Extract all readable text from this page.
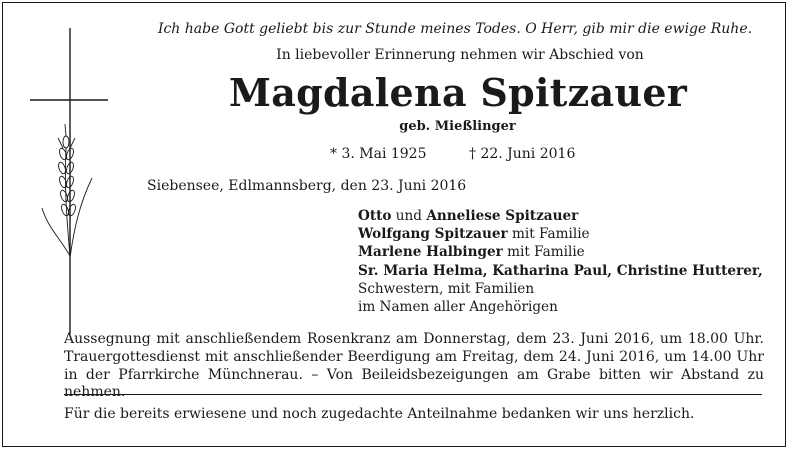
Ich habe Gott geliebt bis zur Stunde meines Todes. O Herr, gib mir die ewige Ruhe.
In liebevoller Erinnerung nehmen wir Abschied von
Magdalena Spitzauer
geb. Mießlinger
* 3. Mai 1925	† 22. Juni 2016
Siebensee, Edlmannsberg, den 23. Juni 2016
Otto und Anneliese Spitzauer
Wolfgang Spitzauer mit Familie
Marlene Halbinger mit Familie
Sr. Maria Helma, Katharina Paul, Christine Hutterer,
Schwestern, mit Familien
im Namen aller Angehörigen
Aussegnung mit anschließendem Rosenkranz am Donnerstag, dem 23. Juni 2016, um 18.00 Uhr. Trauergottesdienst mit anschließender Beerdigung am Freitag, dem 24. Juni 2016, um 14.00 Uhr in der Pfarrkirche Münchnerau. – Von Beileidsbezeigungen am Grabe bitten wir Abstand zu nehmen.
Für die bereits erwiesene und noch zugedachte Anteilnahme bedanken wir uns herzlich.
